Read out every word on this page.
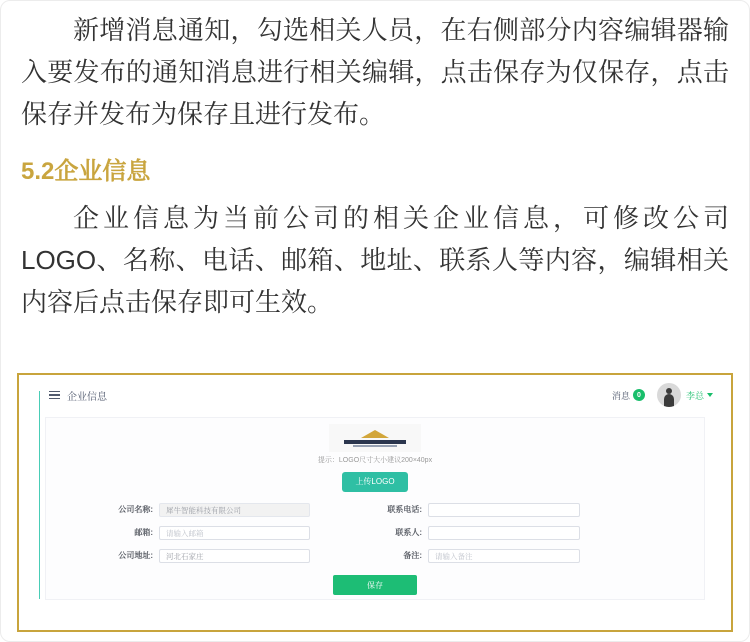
新增消息通知，勾选相关人员，在右侧部分内容编辑器输入要发布的通知消息进行相关编辑，点击保存为仅保存，点击保存并发布为保存且进行发布。

5.2企业信息

企业信息为当前公司的相关企业信息，可修改公司LOGO、名称、电话、邮箱、地址、联系人等内容，编辑相关内容后点击保存即可生效。

企业信息	消息	0	李总
提示：LOGO尺寸大小建议200×40px
上传LOGO
公司名称:
犀牛智能科技有限公司	联系电话:
邮箱:
请输入邮箱	联系人:
公司地址:
河北石家庄	备注:
请输入备注
保存
